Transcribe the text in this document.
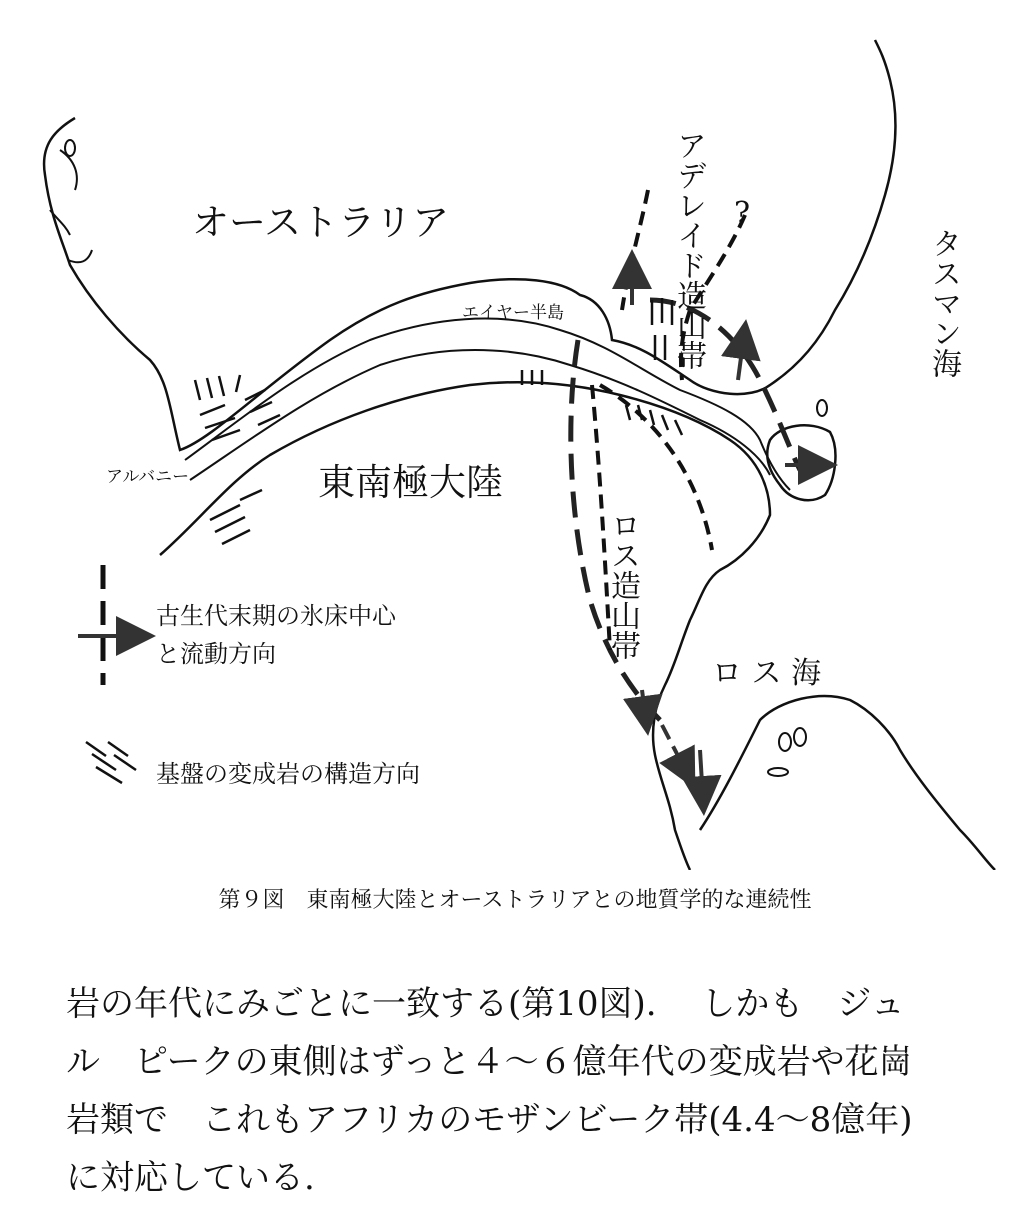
オーストラリア
東南極大陸
タスマン海
アデレイド造山帯
エイヤー半島
アルバニー
ロス造山帯
ロ ス 海
?
古生代末期の氷床中心
と流動方向
基盤の変成岩の構造方向
第９図　東南極大陸とオーストラリアとの地質学的な連続性
岩の年代にみごとに一致する(第10図).　 しかも　ジュ
ル　ピークの東側はずっと４～６億年代の変成岩や花崗
岩類で　これもアフリカのモザンビーク帯(4.4～8億年)
に対応している.
